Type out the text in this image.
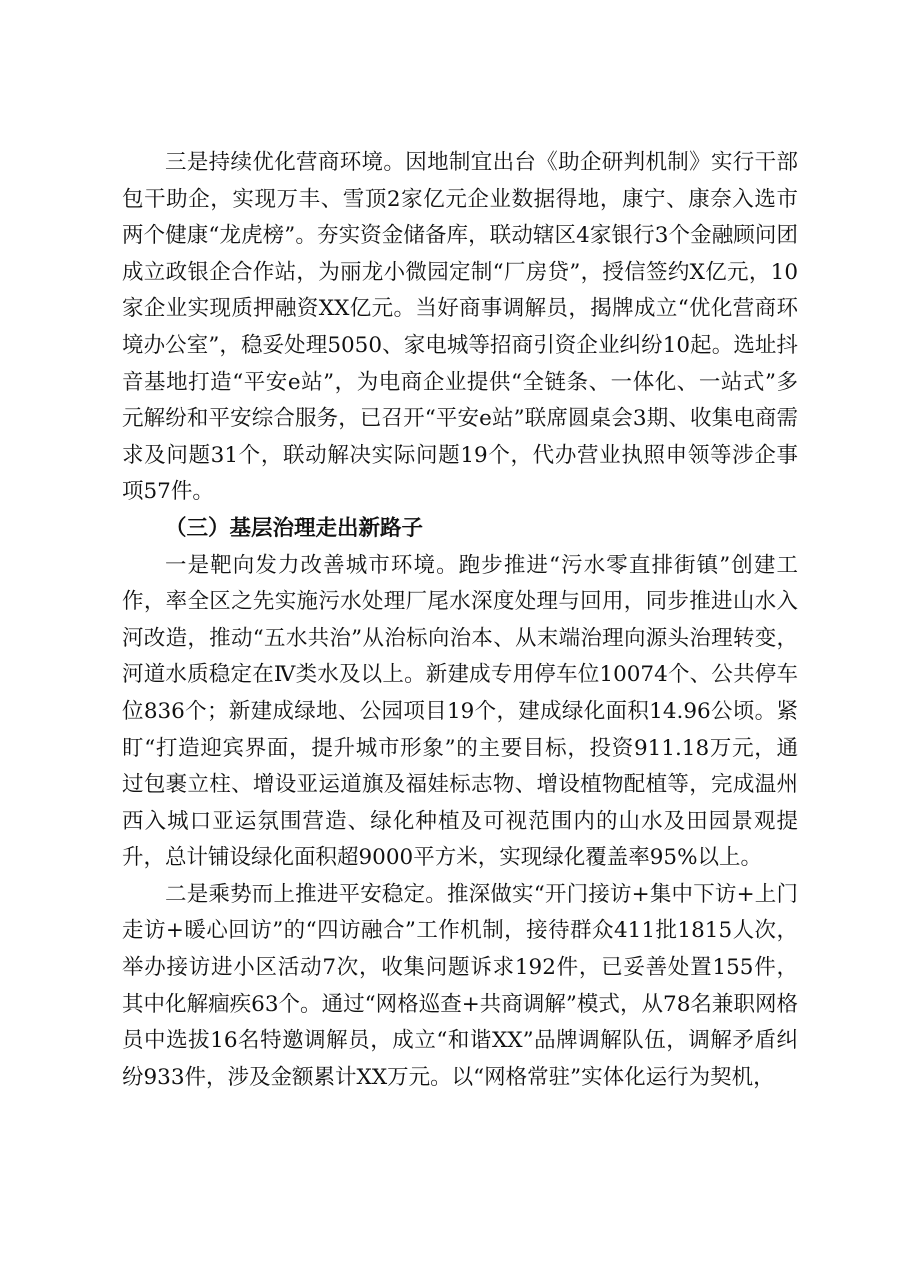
三是持续优化营商环境。因地制宜出台《助企研判机制》实行干部包干助企，实现万丰、雪顶2家亿元企业数据得地，康宁、康奈入选市两个健康“龙虎榜”。夯实资金储备库，联动辖区4家银行3个金融顾问团成立政银企合作站，为丽龙小微园定制“厂房贷”，授信签约X亿元，10家企业实现质押融资XX亿元。当好商事调解员，揭牌成立“优化营商环境办公室”，稳妥处理5050、家电城等招商引资企业纠纷10起。选址抖音基地打造“平安e站”，为电商企业提供“全链条、一体化、一站式”多元解纷和平安综合服务，已召开“平安e站”联席圆桌会3期、收集电商需求及问题31个，联动解决实际问题19个，代办营业执照申领等涉企事项57件。

（三）基层治理走出新路子

一是靶向发力改善城市环境。跑步推进“污水零直排街镇”创建工作，率全区之先实施污水处理厂尾水深度处理与回用，同步推进山水入河改造，推动“五水共治”从治标向治本、从末端治理向源头治理转变，河道水质稳定在Ⅳ类水及以上。新建成专用停车位10074个、公共停车位836个；新建成绿地、公园项目19个，建成绿化面积14.96公顷。紧盯“打造迎宾界面，提升城市形象”的主要目标，投资911.18万元，通过包裹立柱、增设亚运道旗及福娃标志物、增设植物配植等，完成温州西入城口亚运氛围营造、绿化种植及可视范围内的山水及田园景观提升，总计铺设绿化面积超9000平方米，实现绿化覆盖率95%以上。

二是乘势而上推进平安稳定。推深做实“开门接访+集中下访+上门走访+暖心回访”的“四访融合”工作机制，接待群众411批1815人次，举办接访进小区活动7次，收集问题诉求192件，已妥善处置155件，其中化解痼疾63个。通过“网格巡查+共商调解”模式，从78名兼职网格员中选拔16名特邀调解员，成立“和谐XX”品牌调解队伍，调解矛盾纠纷933件，涉及金额累计XX万元。以“网格常驻”实体化运行为契机，
